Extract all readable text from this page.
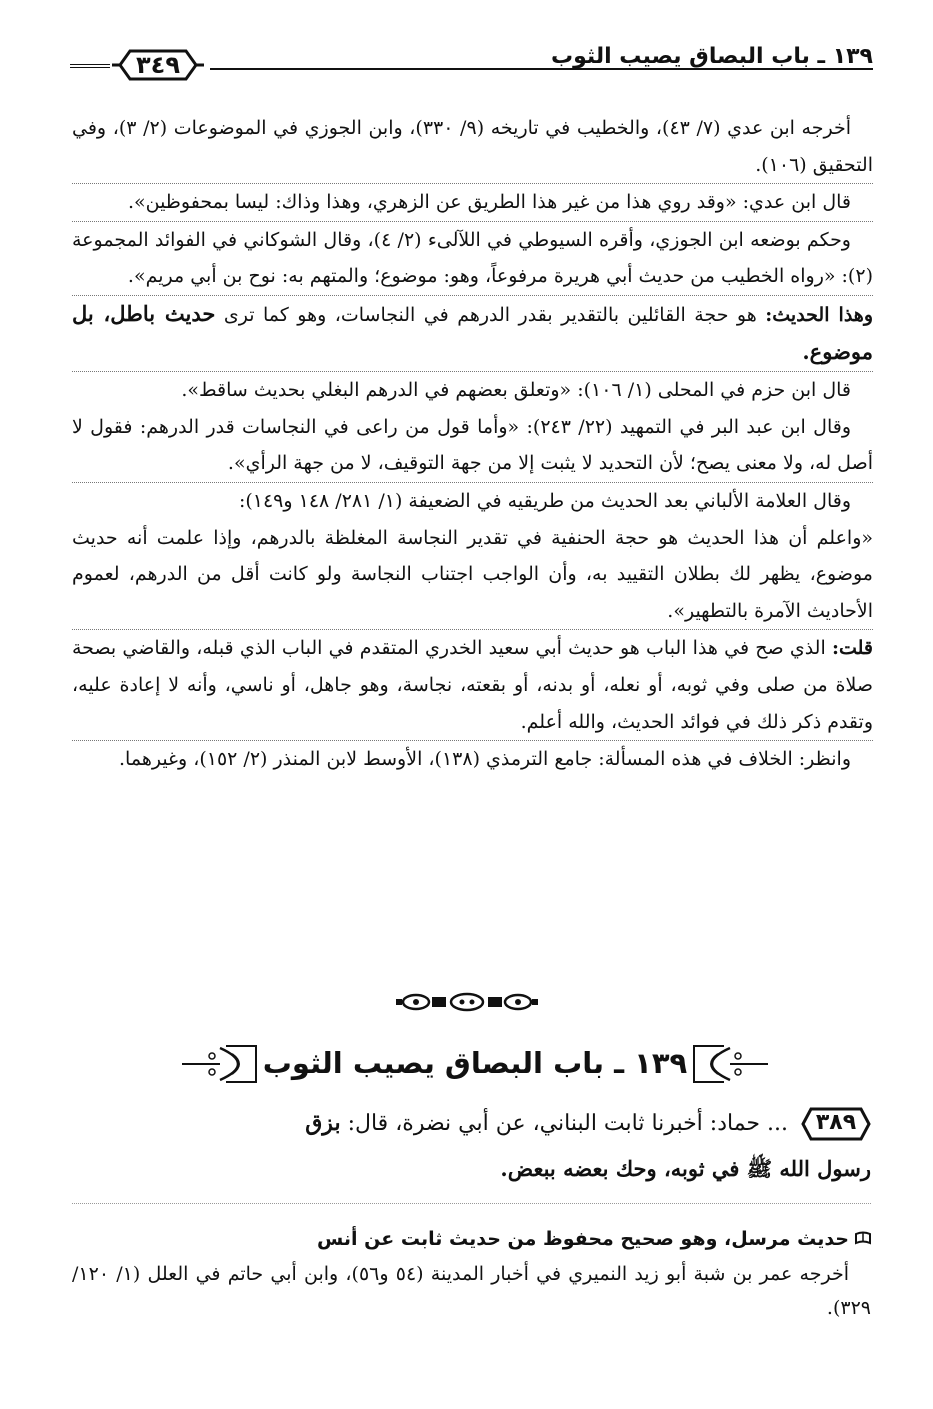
١٣٩ ـ باب البصاق يصيب الثوب
٣٤٩

أخرجه ابن عدي (٧/ ٤٣)، والخطيب في تاريخه (٩/ ٣٣٠)، وابن الجوزي في الموضوعات (٢/ ٣)، وفي التحقيق (١٠٦).

قال ابن عدي: «وقد روي هذا من غير هذا الطريق عن الزهري، وهذا وذاك: ليسا بمحفوظين».

وحكم بوضعه ابن الجوزي، وأقره السيوطي في اللآلىء (٢/ ٤)، وقال الشوكاني في الفوائد المجموعة (٢): «رواه الخطيب من حديث أبي هريرة مرفوعاً، وهو: موضوع؛ والمتهم به: نوح بن أبي مريم».

وهذا الحديث: هو حجة القائلين بالتقدير بقدر الدرهم في النجاسات، وهو كما ترى حديث باطل، بل موضوع.

قال ابن حزم في المحلى (١/ ١٠٦): «وتعلق بعضهم في الدرهم البغلي بحديث ساقط».

وقال ابن عبد البر في التمهيد (٢٢/ ٢٤٣): «وأما قول من راعى في النجاسات قدر الدرهم: فقول لا أصل له، ولا معنى يصح؛ لأن التحديد لا يثبت إلا من جهة التوقيف، لا من جهة الرأي».

وقال العلامة الألباني بعد الحديث من طريقيه في الضعيفة (١/ ٢٨١/ ١٤٨ و١٤٩):

«واعلم أن هذا الحديث هو حجة الحنفية في تقدير النجاسة المغلظة بالدرهم، وإذا علمت أنه حديث موضوع، يظهر لك بطلان التقييد به، وأن الواجب اجتناب النجاسة ولو كانت أقل من الدرهم، لعموم الأحاديث الآمرة بالتطهير».

قلت: الذي صح في هذا الباب هو حديث أبي سعيد الخدري المتقدم في الباب الذي قبله، والقاضي بصحة صلاة من صلى وفي ثوبه، أو نعله، أو بدنه، أو بقعته، نجاسة، وهو جاهل، أو ناسي، وأنه لا إعادة عليه، وتقدم ذكر ذلك في فوائد الحديث، والله أعلم.

وانظر: الخلاف في هذه المسألة: جامع الترمذي (١٣٨)، الأوسط لابن المنذر (٢/ ١٥٢)، وغيرهما.

١٣٩ ـ باب البصاق يصيب الثوب
٣٨٩
... حماد: أخبرنا ثابت البناني، عن أبي نضرة، قال: بزق
رسول الله ﷺ في ثوبه، وحك بعضه ببعض.

حديث مرسل، وهو صحيح محفوظ من حديث ثابت عن أنس

أخرجه عمر بن شبة أبو زيد النميري في أخبار المدينة (٥٤ و٥٦)، وابن أبي حاتم في العلل (١/ ١٢٠/ ٣٢٩).
